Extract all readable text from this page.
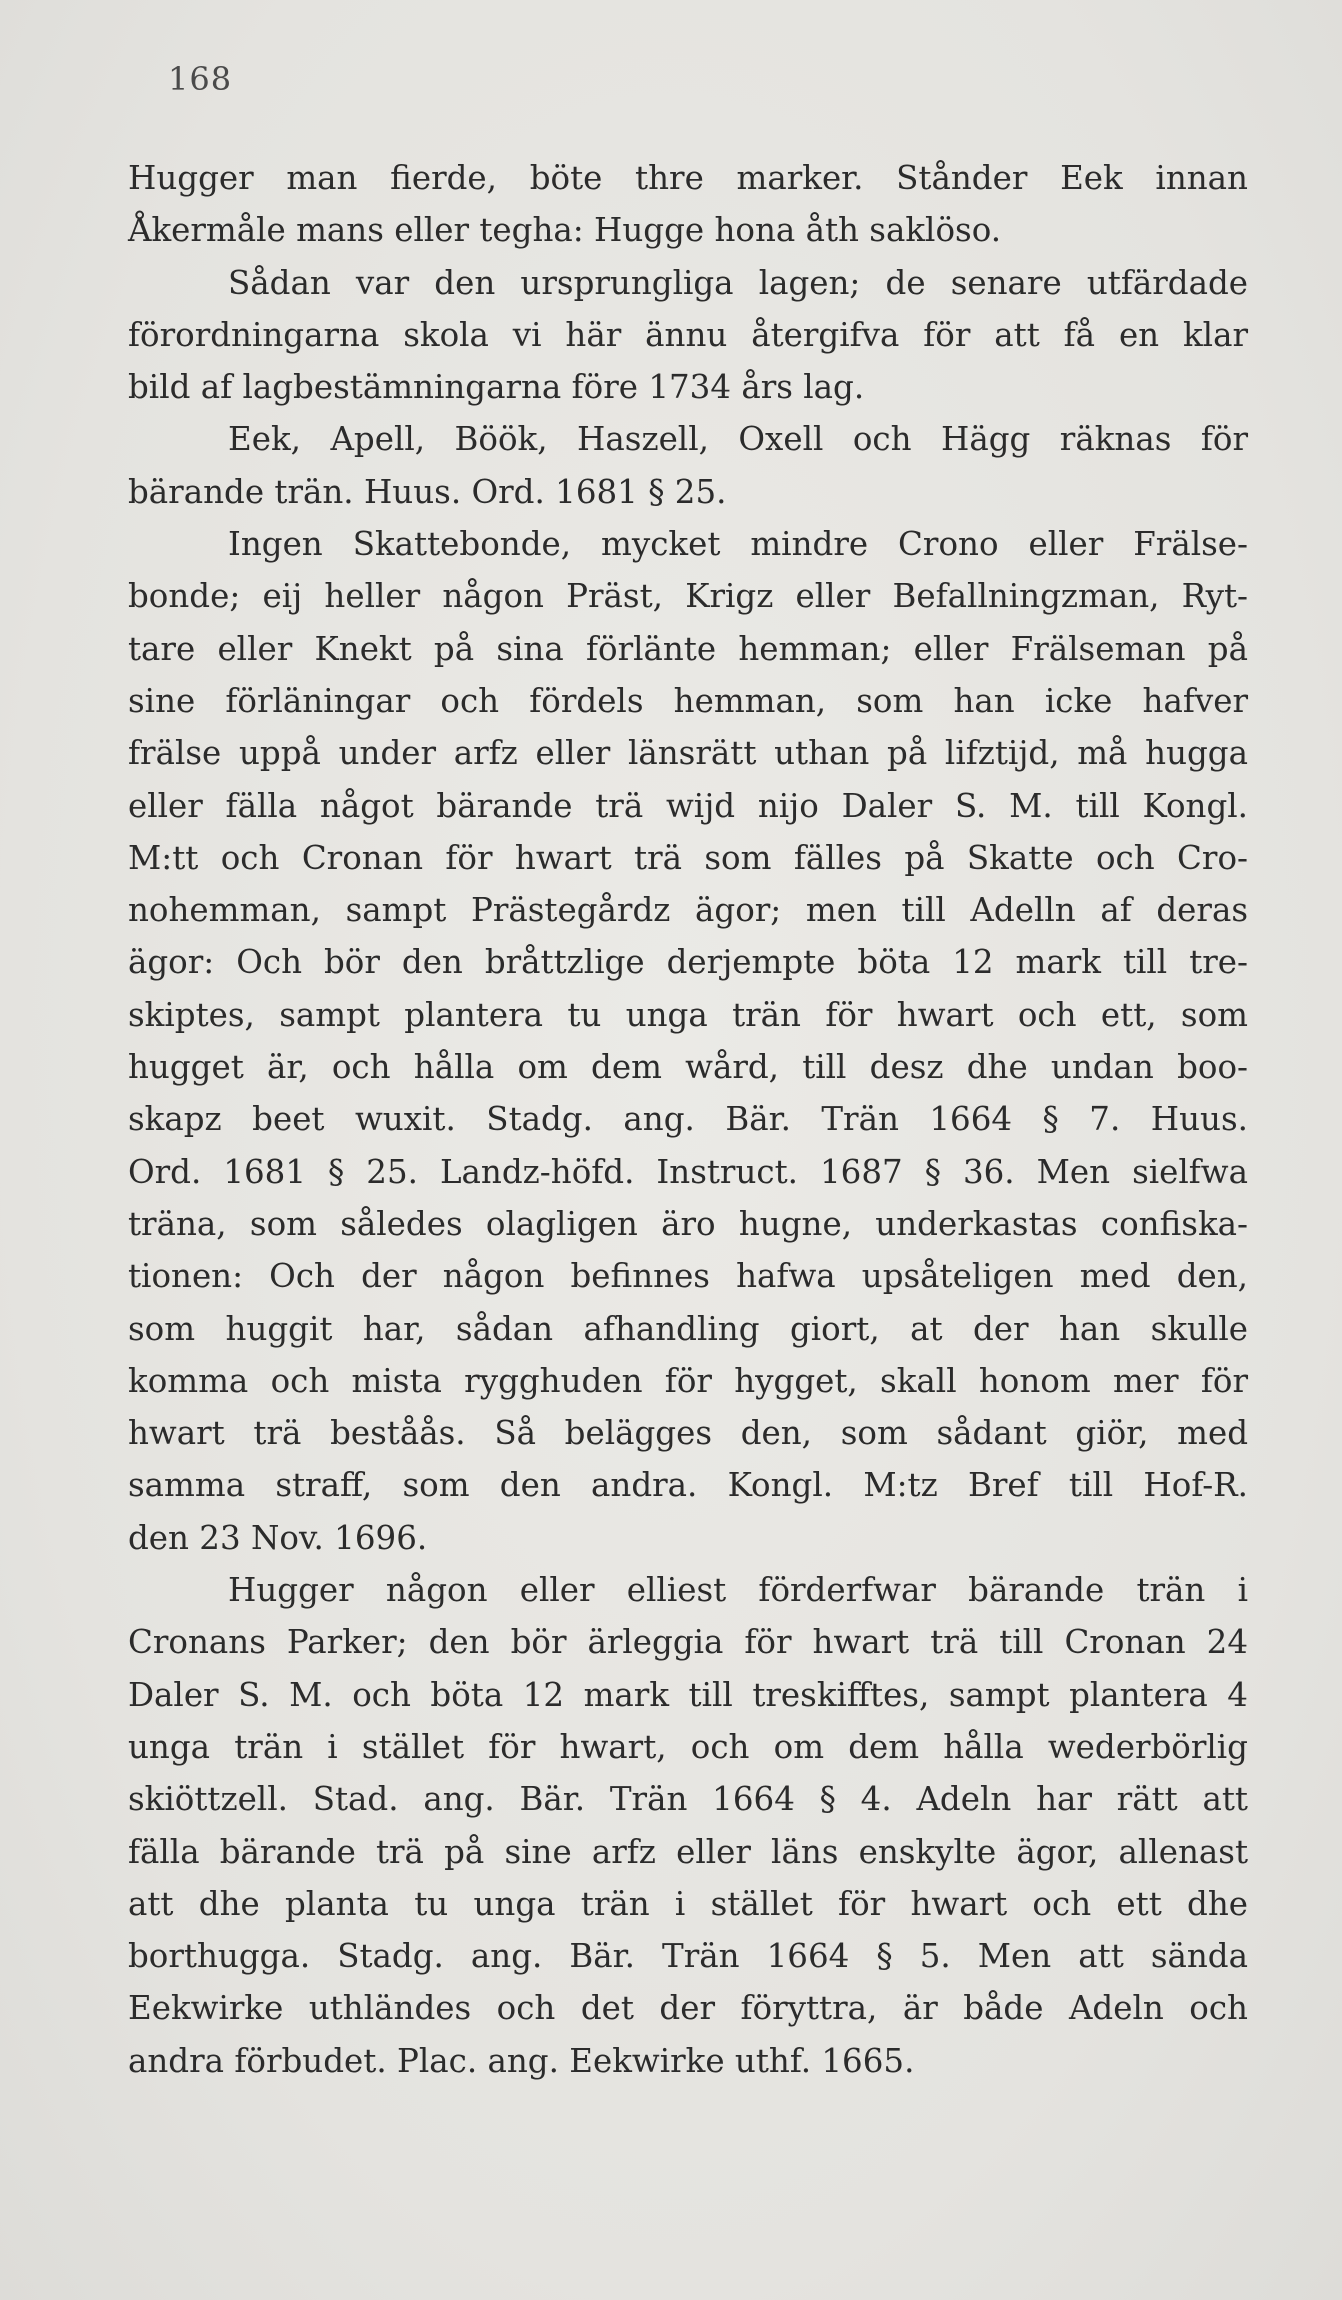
168
Hugger man fierde, böte thre marker. Stånder Eek innan
Åkermåle mans eller tegha: Hugge hona åth saklöso.
Sådan var den ursprungliga lagen; de senare utfärdade
förordningarna skola vi här ännu återgifva för att få en klar
bild af lagbestämningarna före 1734 års lag.
Eek, Apell, Böök, Haszell, Oxell och Hägg räknas för
bärande trän. Huus. Ord. 1681 § 25.
Ingen Skattebonde, mycket mindre Crono eller Frälse-
bonde; eij heller någon Präst, Krigz eller Befallningzman, Ryt-
tare eller Knekt på sina förlänte hemman; eller Frälseman på
sine förläningar och fördels hemman, som han icke hafver
frälse uppå under arfz eller länsrätt uthan på lifztijd, må hugga
eller fälla något bärande trä wijd nijo Daler S. M. till Kongl.
M:tt och Cronan för hwart trä som fälles på Skatte och Cro-
nohemman, sampt Prästegårdz ägor; men till Adelln af deras
ägor: Och bör den bråttzlige derjempte böta 12 mark till tre-
skiptes, sampt plantera tu unga trän för hwart och ett, som
hugget är, och hålla om dem wård, till desz dhe undan boo-
skapz beet wuxit. Stadg. ang. Bär. Trän 1664 § 7. Huus.
Ord. 1681 § 25. Landz-höfd. Instruct. 1687 § 36. Men sielfwa
träna, som således olagligen äro hugne, underkastas confiska-
tionen: Och der någon befinnes hafwa upsåteligen med den,
som huggit har, sådan afhandling giort, at der han skulle
komma och mista rygghuden för hygget, skall honom mer för
hwart trä beståås. Så belägges den, som sådant giör, med
samma straff, som den andra. Kongl. M:tz Bref till Hof-R.
den 23 Nov. 1696.
Hugger någon eller elliest förderfwar bärande trän i
Cronans Parker; den bör ärleggia för hwart trä till Cronan 24
Daler S. M. och böta 12 mark till treskifftes, sampt plantera 4
unga trän i stället för hwart, och om dem hålla wederbörlig
skiöttzell. Stad. ang. Bär. Trän 1664 § 4. Adeln har rätt att
fälla bärande trä på sine arfz eller läns enskylte ägor, allenast
att dhe planta tu unga trän i stället för hwart och ett dhe
borthugga. Stadg. ang. Bär. Trän 1664 § 5. Men att sända
Eekwirke uthländes och det der föryttra, är både Adeln och
andra förbudet. Plac. ang. Eekwirke uthf. 1665.
